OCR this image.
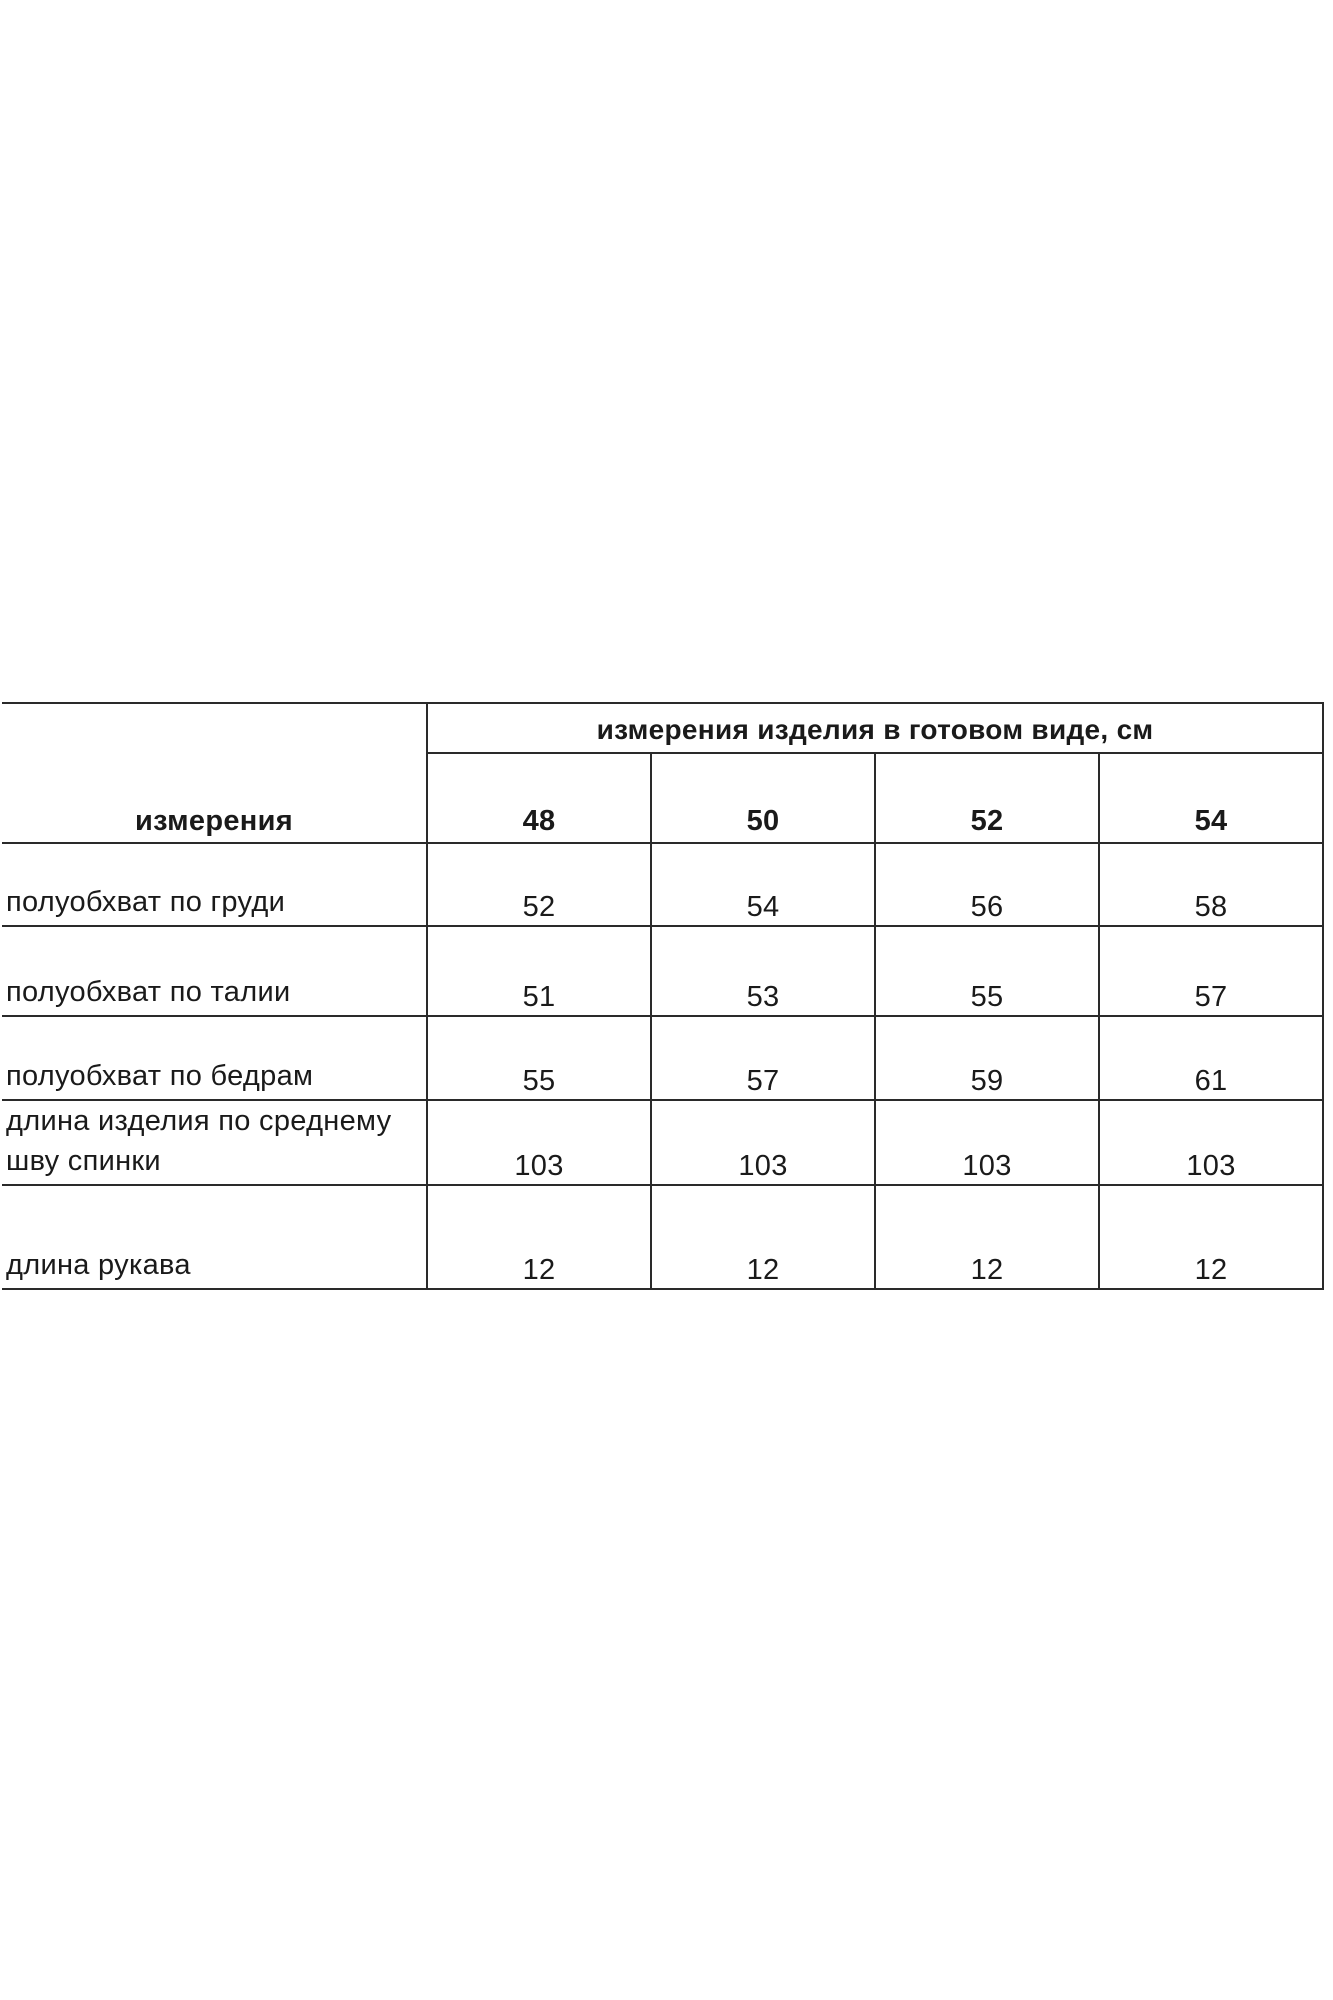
измерения	измерения изделия в готовом виде, см			
	48	50	52	54
полуобхват по груди	52	54	56	58
полуобхват по талии	51	53	55	57
полуобхват по бедрам	55	57	59	61
длина изделия по среднему
шву спинки	103	103	103	103
длина рукава	12	12	12	12
